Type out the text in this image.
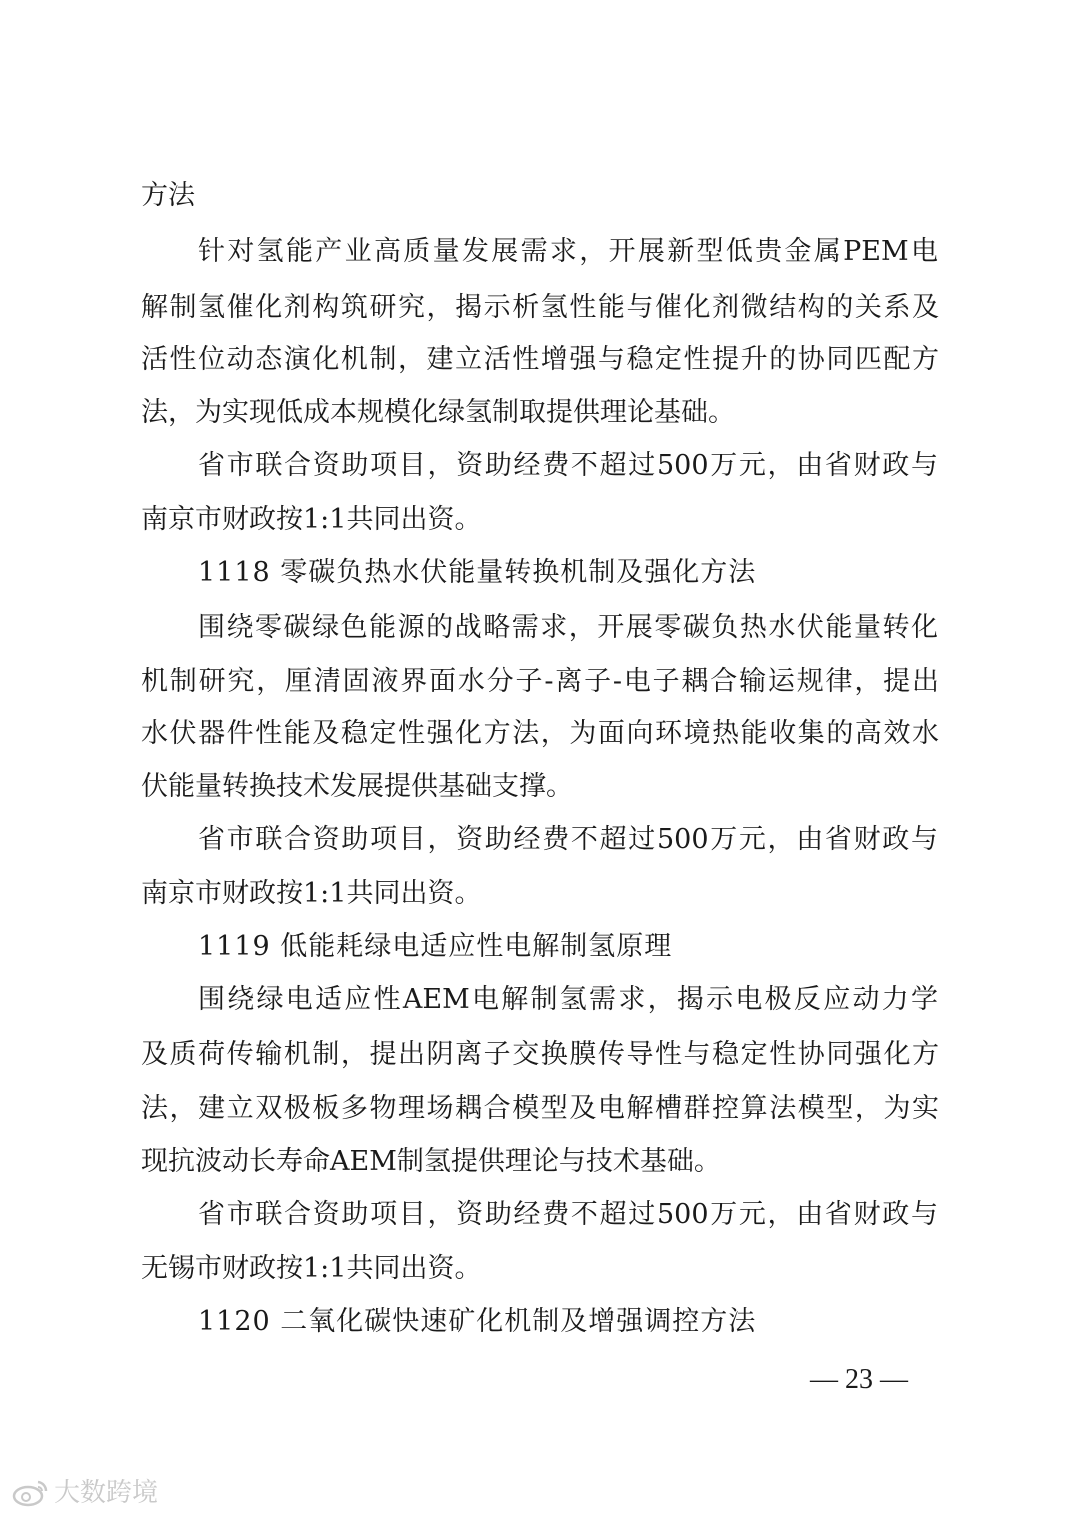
方法
针对氢能产业高质量发展需求，开展新型低贵金属PEM电
解制氢催化剂构筑研究，揭示析氢性能与催化剂微结构的关系及
活性位动态演化机制，建立活性增强与稳定性提升的协同匹配方
法，为实现低成本规模化绿氢制取提供理论基础。
省市联合资助项目，资助经费不超过500万元，由省财政与
南京市财政按1:1共同出资。
1118 零碳负热水伏能量转换机制及强化方法
围绕零碳绿色能源的战略需求，开展零碳负热水伏能量转化
机制研究，厘清固液界面水分子-离子-电子耦合输运规律，提出
水伏器件性能及稳定性强化方法，为面向环境热能收集的高效水
伏能量转换技术发展提供基础支撑。
省市联合资助项目，资助经费不超过500万元，由省财政与
南京市财政按1:1共同出资。
1119 低能耗绿电适应性电解制氢原理
围绕绿电适应性AEM电解制氢需求，揭示电极反应动力学
及质荷传输机制，提出阴离子交换膜传导性与稳定性协同强化方
法，建立双极板多物理场耦合模型及电解槽群控算法模型，为实
现抗波动长寿命AEM制氢提供理论与技术基础。
省市联合资助项目，资助经费不超过500万元，由省财政与
无锡市财政按1:1共同出资。
1120 二氧化碳快速矿化机制及增强调控方法
— 23 —
大数跨境
